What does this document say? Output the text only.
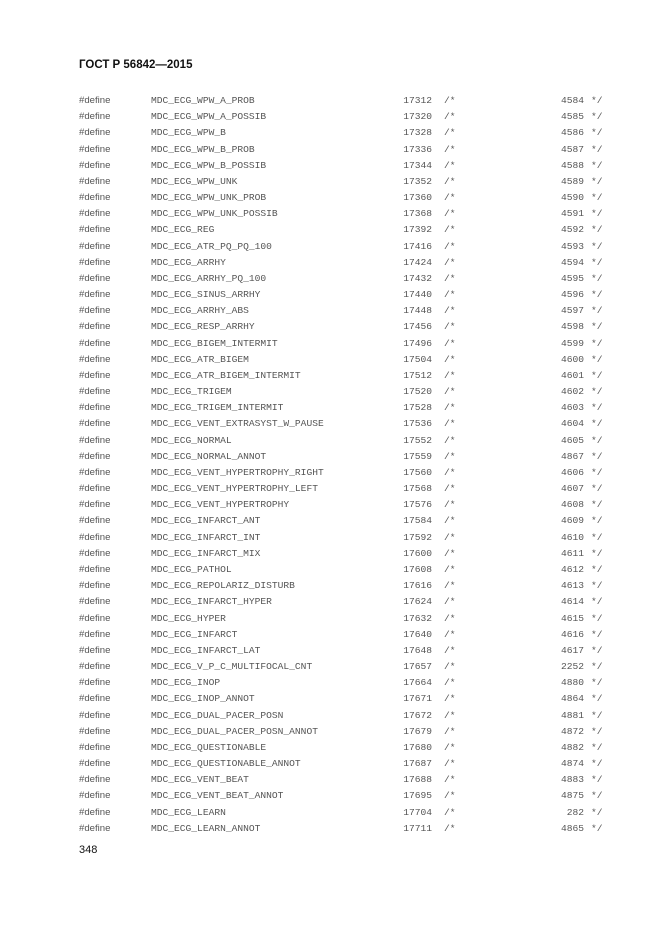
ГОСТ Р 56842—2015
#define	MDC_ECG_WPW_A_PROB	17312 /*	4584 */
#define	MDC_ECG_WPW_A_POSSIB	17320 /*	4585 */
#define	MDC_ECG_WPW_B	17328 /*	4586 */
#define	MDC_ECG_WPW_B_PROB	17336 /*	4587 */
#define	MDC_ECG_WPW_B_POSSIB	17344 /*	4588 */
#define	MDC_ECG_WPW_UNK	17352 /*	4589 */
#define	MDC_ECG_WPW_UNK_PROB	17360 /*	4590 */
#define	MDC_ECG_WPW_UNK_POSSIB	17368 /*	4591 */
#define	MDC_ECG_REG	17392 /*	4592 */
#define	MDC_ECG_ATR_PQ_PQ_100	17416 /*	4593 */
#define	MDC_ECG_ARRHY	17424 /*	4594 */
#define	MDC_ECG_ARRHY_PQ_100	17432 /*	4595 */
#define	MDC_ECG_SINUS_ARRHY	17440 /*	4596 */
#define	MDC_ECG_ARRHY_ABS	17448 /*	4597 */
#define	MDC_ECG_RESP_ARRHY	17456 /*	4598 */
#define	MDC_ECG_BIGEM_INTERMIT	17496 /*	4599 */
#define	MDC_ECG_ATR_BIGEM	17504 /*	4600 */
#define	MDC_ECG_ATR_BIGEM_INTERMIT	17512 /*	4601 */
#define	MDC_ECG_TRIGEM	17520 /*	4602 */
#define	MDC_ECG_TRIGEM_INTERMIT	17528 /*	4603 */
#define	MDC_ECG_VENT_EXTRASYST_W_PAUSE	17536 /*	4604 */
#define	MDC_ECG_NORMAL	17552 /*	4605 */
#define	MDC_ECG_NORMAL_ANNOT	17559 /*	4867 */
#define	MDC_ECG_VENT_HYPERTROPHY_RIGHT	17560 /*	4606 */
#define	MDC_ECG_VENT_HYPERTROPHY_LEFT	17568 /*	4607 */
#define	MDC_ECG_VENT_HYPERTROPHY	17576 /*	4608 */
#define	MDC_ECG_INFARCT_ANT	17584 /*	4609 */
#define	MDC_ECG_INFARCT_INT	17592 /*	4610 */
#define	MDC_ECG_INFARCT_MIX	17600 /*	4611 */
#define	MDC_ECG_PATHOL	17608 /*	4612 */
#define	MDC_ECG_REPOLARIZ_DISTURB	17616 /*	4613 */
#define	MDC_ECG_INFARCT_HYPER	17624 /*	4614 */
#define	MDC_ECG_HYPER	17632 /*	4615 */
#define	MDC_ECG_INFARCT	17640 /*	4616 */
#define	MDC_ECG_INFARCT_LAT	17648 /*	4617 */
#define	MDC_ECG_V_P_C_MULTIFOCAL_CNT	17657 /*	2252 */
#define	MDC_ECG_INOP	17664 /*	4880 */
#define	MDC_ECG_INOP_ANNOT	17671 /*	4864 */
#define	MDC_ECG_DUAL_PACER_POSN	17672 /*	4881 */
#define	MDC_ECG_DUAL_PACER_POSN_ANNOT	17679 /*	4872 */
#define	MDC_ECG_QUESTIONABLE	17680 /*	4882 */
#define	MDC_ECG_QUESTIONABLE_ANNOT	17687 /*	4874 */
#define	MDC_ECG_VENT_BEAT	17688 /*	4883 */
#define	MDC_ECG_VENT_BEAT_ANNOT	17695 /*	4875 */
#define	MDC_ECG_LEARN	17704 /*	282 */
#define	MDC_ECG_LEARN_ANNOT	17711 /*	4865 */
348
